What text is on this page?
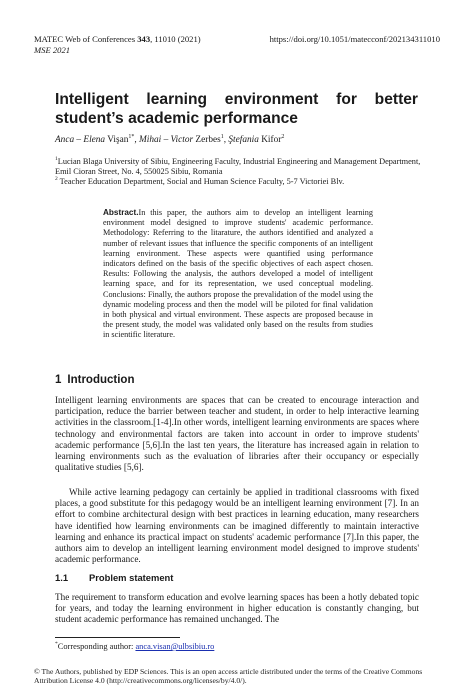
MATEC Web of Conferences 343, 11010 (2021)
MSE 2021
https://doi.org/10.1051/matecconf/202134311010
Intelligent learning environment for better
student’s academic performance
Anca – Elena Vişan$^{1*}$, Mihai – Victor Zerbes$^1$, Ştefania Kifor$^2$
$^1$Lucian Blaga University of Sibiu, Engineering Faculty, Industrial Engineering and Management Department, Emil Cioran Street, No. 4, 550025 Sibiu, Romania
$^2$ Teacher Education Department, Social and Human Science Faculty, 5-7 Victoriei Blv.
Abstract.In this paper, the authors aim to develop an intelligent learning environment model designed to improve students' academic performance. Methodology: Referring to the litarature, the authors identified and analyzed a number of relevant issues that influence the specific components of an intelligent learning environment. These aspects were quantified using performance indicators defined on the basis of the specific objectives of each aspect chosen. Results: Following the analysis, the authors developed a model of intelligent learning space, and for its representation, we used conceptual modeling. Conclusions: Finally, the authors propose the prevalidation of the model using the dynamic modeling process and then the model will be piloted for final validation in both physical and virtual environment. These aspects are proposed because in the present study, the model was validated only based on the results from studies in scientific literature.
1 Introduction

Intelligent learning environments are spaces that can be created to encourage interaction and participation, reduce the barrier between teacher and student, in order to help interactive learning activities in the classroom.[1-4].In other words, intelligent learning environments are spaces where technology and environmental factors are taken into account in order to improve students' academic performance [5,6].In the last ten years, the literature has increased again in relation to learning environments such as the evaluation of libraries after their occupancy or especially qualitative studies [5,6].

While active learning pedagogy can certainly be applied in traditional classrooms with fixed places, a good substitute for this pedagogy would be an intelligent learning environment [7]. In an effort to combine architectural design with best practices in learning education, many researchers have identified how learning environments can be imagined differently to maintain interactive learning and enhance its practical impact on students' academic performance [7].In this paper, the authors aim to develop an intelligent learning environment model designed to improve students' academic performance.

1.1 Problem statement

The requirement to transform education and evolve learning spaces has been a hotly debated topic for years, and today the learning environment in higher education is constantly changing, but student academic performance has remained unchanged. The

*Corresponding author: anca.visan@ulbsibiu.ro
© The Authors, published by EDP Sciences. This is an open access article distributed under the terms of the Creative Commons Attribution License 4.0 (http://creativecommons.org/licenses/by/4.0/).
